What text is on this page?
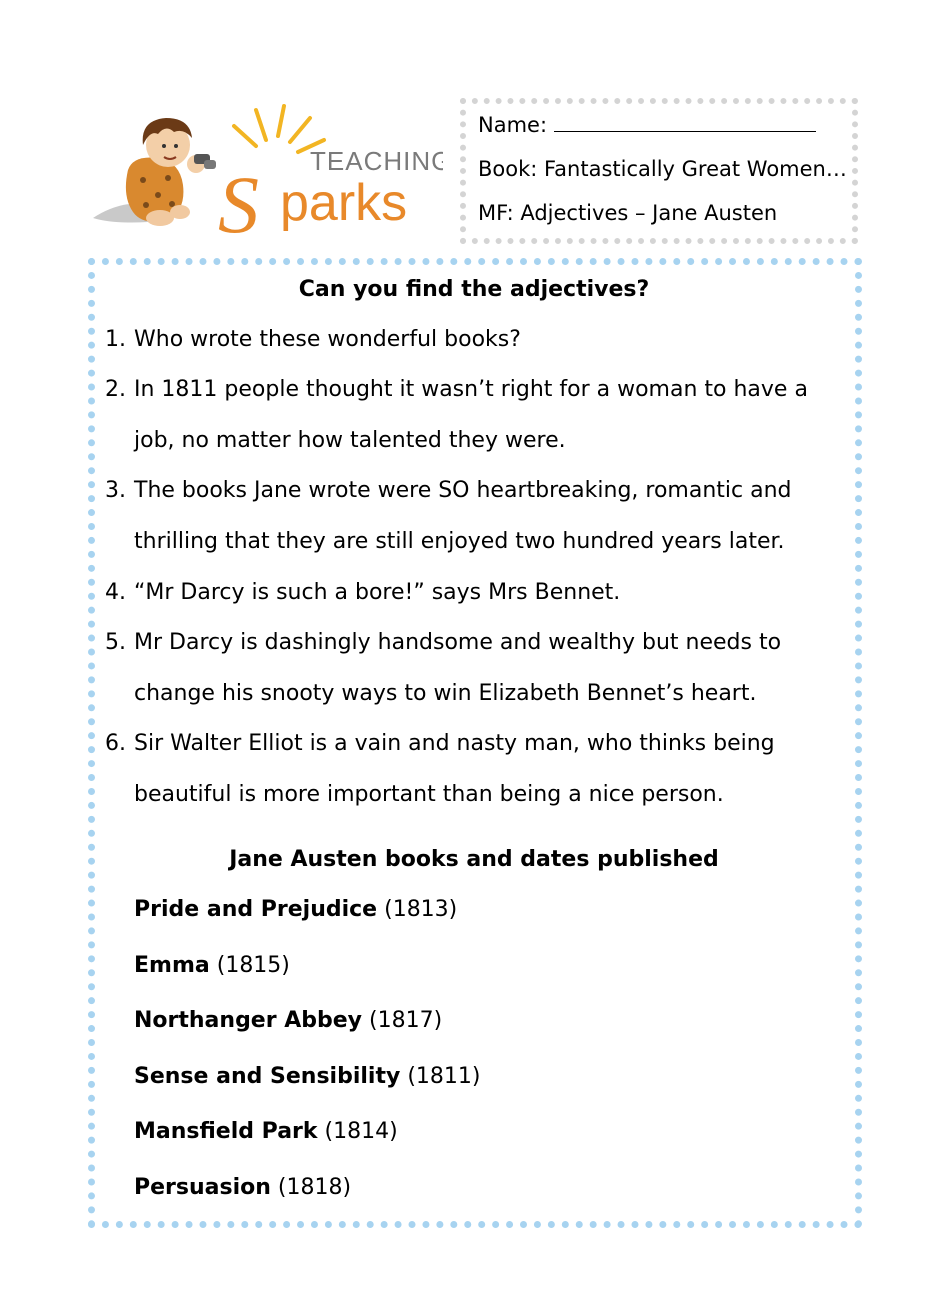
TEACHING
S parks
Name:
Book: Fantastically Great Women…
MF: Adjectives – Jane Austen
Can you find the adjectives?
1. Who wrote these wonderful books?
2. In 1811 people thought it wasn’t right for a woman to have a
job, no matter how talented they were.
3. The books Jane wrote were SO heartbreaking, romantic and
thrilling that they are still enjoyed two hundred years later.
4. “Mr Darcy is such a bore!” says Mrs Bennet.
5. Mr Darcy is dashingly handsome and wealthy but needs to
change his snooty ways to win Elizabeth Bennet’s heart.
6. Sir Walter Elliot is a vain and nasty man, who thinks being
beautiful is more important than being a nice person.
Jane Austen books and dates published
Pride and Prejudice (1813)
Emma (1815)
Northanger Abbey (1817)
Sense and Sensibility (1811)
Mansfield Park (1814)
Persuasion (1818)
